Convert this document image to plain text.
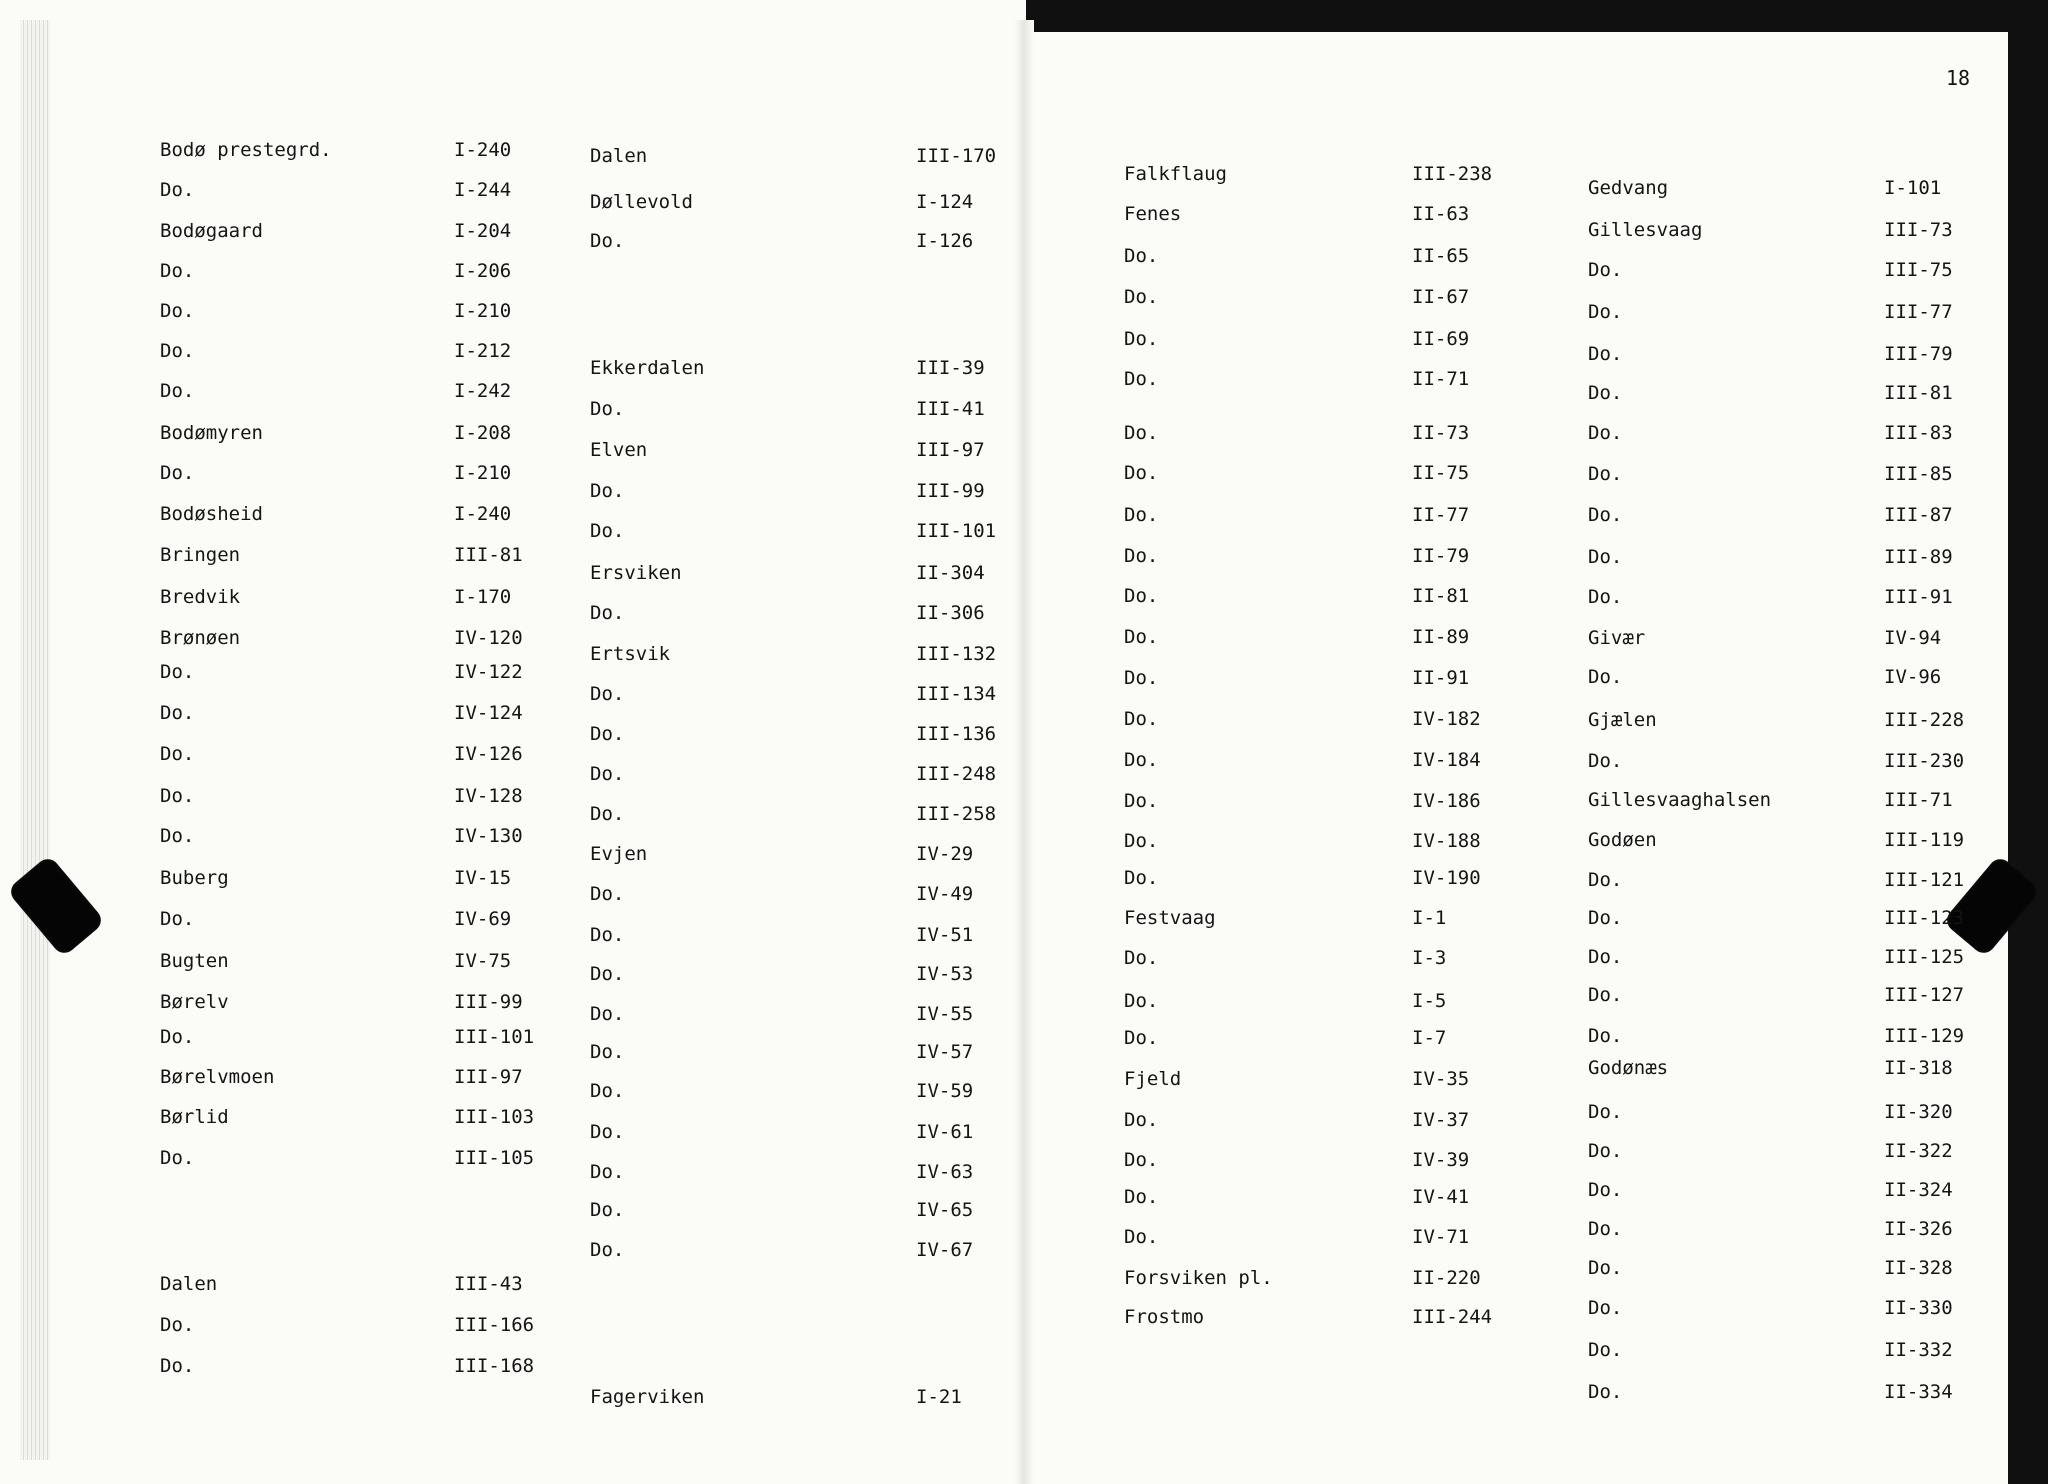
18
Bodø prestegrd.	I-240
Do.	I-244
Bodøgaard	I-204
Do.	I-206
Do.	I-210
Do.	I-212
Do.	I-242
Bodømyren	I-208
Do.	I-210
Bodøsheid	I-240
Bringen	III-81
Bredvik	I-170
Brønøen	IV-120
Do.	IV-122
Do.	IV-124
Do.	IV-126
Do.	IV-128
Do.	IV-130
Buberg	IV-15
Do.	IV-69
Bugten	IV-75
Børelv	III-99
Do.	III-101
Børelvmoen	III-97
Børlid	III-103
Do.	III-105
Dalen	III-43
Do.	III-166
Do.	III-168
Dalen	III-170
Døllevold	I-124
Do.	I-126
Ekkerdalen	III-39
Do.	III-41
Elven	III-97
Do.	III-99
Do.	III-101
Ersviken	II-304
Do.	II-306
Ertsvik	III-132
Do.	III-134
Do.	III-136
Do.	III-248
Do.	III-258
Evjen	IV-29
Do.	IV-49
Do.	IV-51
Do.	IV-53
Do.	IV-55
Do.	IV-57
Do.	IV-59
Do.	IV-61
Do.	IV-63
Do.	IV-65
Do.	IV-67
Fagerviken	I-21
Falkflaug	III-238
Fenes	II-63
Do.	II-65
Do.	II-67
Do.	II-69
Do.	II-71
Do.	II-73
Do.	II-75
Do.	II-77
Do.	II-79
Do.	II-81
Do.	II-89
Do.	II-91
Do.	IV-182
Do.	IV-184
Do.	IV-186
Do.	IV-188
Do.	IV-190
Festvaag	I-1
Do.	I-3
Do.	I-5
Do.	I-7
Fjeld	IV-35
Do.	IV-37
Do.	IV-39
Do.	IV-41
Do.	IV-71
Forsviken pl.	II-220
Frostmo	III-244
Gedvang	I-101
Gillesvaag	III-73
Do.	III-75
Do.	III-77
Do.	III-79
Do.	III-81
Do.	III-83
Do.	III-85
Do.	III-87
Do.	III-89
Do.	III-91
Givær	IV-94
Do.	IV-96
Gjælen	III-228
Do.	III-230
Gillesvaaghalsen	III-71
Godøen	III-119
Do.	III-121
Do.	III-123
Do.	III-125
Do.	III-127
Do.	III-129
Godønæs	II-318
Do.	II-320
Do.	II-322
Do.	II-324
Do.	II-326
Do.	II-328
Do.	II-330
Do.	II-332
Do.	II-334
